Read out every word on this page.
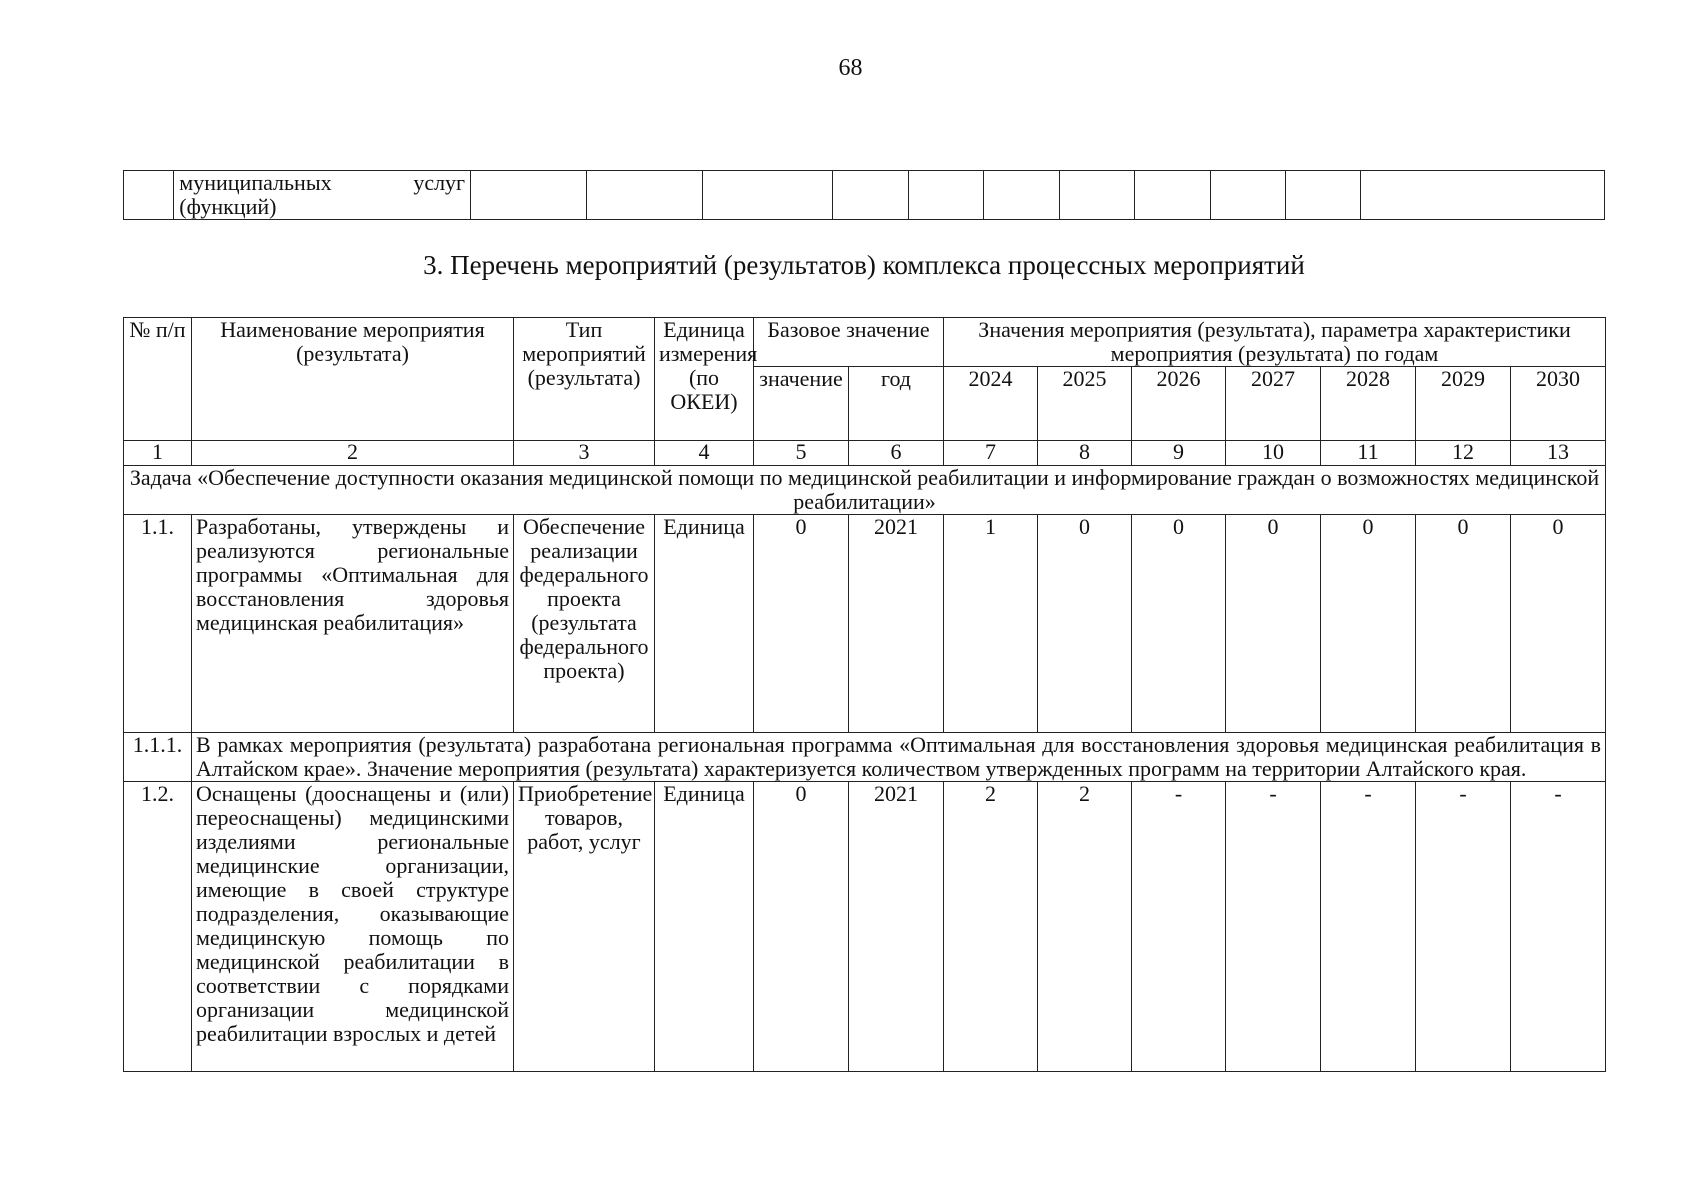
68
	муниципальных услуг (функций)											
3. Перечень мероприятий (результатов) комплекса процессных мероприятий
№ п/п	Наименование мероприятия (результата)	Тип мероприятий (результата)	Единица измерения (по ОКЕИ)	Базовое значение		Значения мероприятия (результата), параметра характеристики мероприятия (результата) по годам						
				значение	год	2024	2025	2026	2027	2028	2029	2030
1	2	3	4	5	6	7	8	9	10	11	12	13
Задача «Обеспечение доступности оказания медицинской помощи по медицинской реабилитации и информирование граждан о возможностях медицинской реабилитации»												
1.1.	Разработаны, утверждены и реализуются региональные программы «Оптимальная для восстановления здоровья медицинская реабилитация»	Обеспечение реализации федерального проекта (результата федерального проекта)	Единица	0	2021	1	0	0	0	0	0	0
1.1.1.	В рамках мероприятия (результата) разработана региональная программа «Оптимальная для восстановления здоровья медицинская реабилитация в Алтайском крае». Значение мероприятия (результата) характеризуется количеством утвержденных программ на территории Алтайского края.											
1.2.	Оснащены (дооснащены и (или) переоснащены) медицинскими изделиями региональные медицинские организации, имеющие в своей структуре подразделения, оказывающие медицинскую помощь по медицинской реабилитации в соответствии с порядками организации медицинской реабилитации взрослых и детей	Приобретение товаров, работ, услуг	Единица	0	2021	2	2	-	-	-	-	-
